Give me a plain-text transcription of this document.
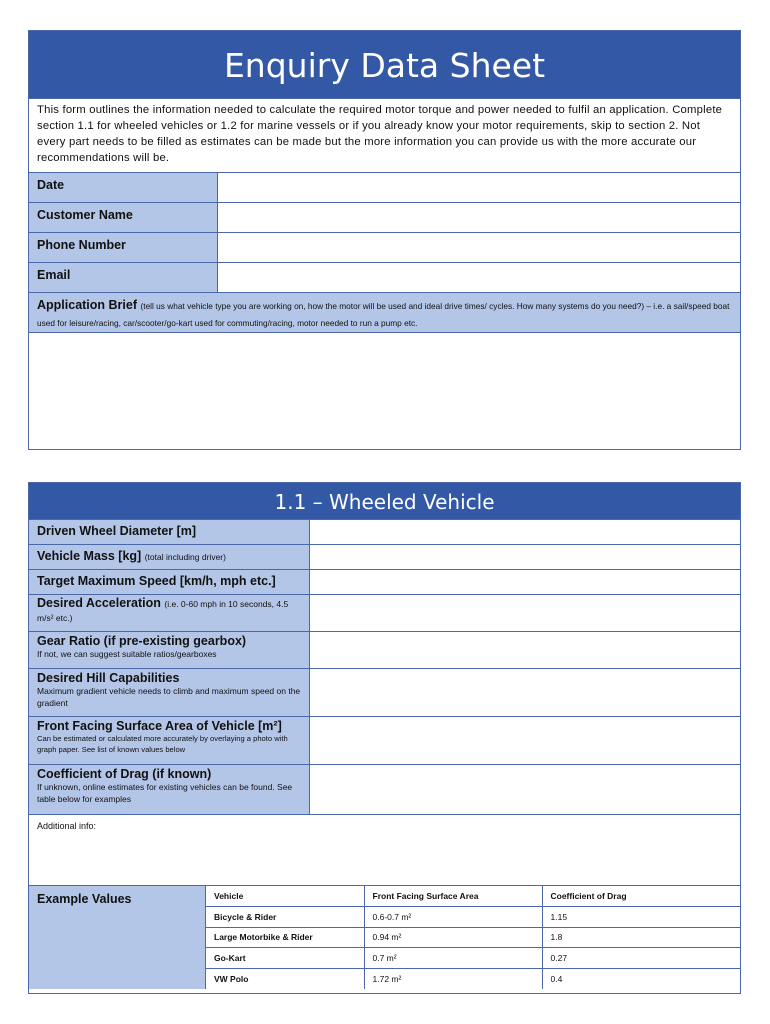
Enquiry Data Sheet
This form outlines the information needed to calculate the required motor torque and power needed to fulfil an application. Complete section 1.1 for wheeled vehicles or 1.2 for marine vessels or if you already know your motor requirements, skip to section 2. Not every part needs to be filled as estimates can be made but the more information you can provide us with the more accurate our recommendations will be.
Date
Customer Name
Phone Number
Email
Application Brief (tell us what vehicle type you are working on, how the motor will be used and ideal drive times/ cycles. How many systems do you need?) – i.e. a sail/speed boat used for leisure/racing, car/scooter/go-kart used for commuting/racing, motor needed to run a pump etc.
1.1 – Wheeled Vehicle
Driven Wheel Diameter [m]
Vehicle Mass [kg] (total including driver)
Target Maximum Speed [km/h, mph etc.]
Desired Acceleration (i.e. 0-60 mph in 10 seconds, 4.5 m/s² etc.)
Gear Ratio (if pre-existing gearbox)
If not, we can suggest suitable ratios/gearboxes
Desired Hill Capabilities
Maximum gradient vehicle needs to climb and maximum speed on the gradient
Front Facing Surface Area of Vehicle [m²]
Can be estimated or calculated more accurately by overlaying a photo with graph paper. See list of known values below
Coefficient of Drag (if known)
If unknown, online estimates for existing vehicles can be found. See table below for examples
Additional info:
Example Values	Vehicle	Front Facing Surface Area	Coefficient of Drag
Bicycle & Rider	0.6-0.7 m²	1.15
Large Motorbike & Rider	0.94 m²	1.8
Go-Kart	0.7 m²	0.27
VW Polo	1.72 m²	0.4
